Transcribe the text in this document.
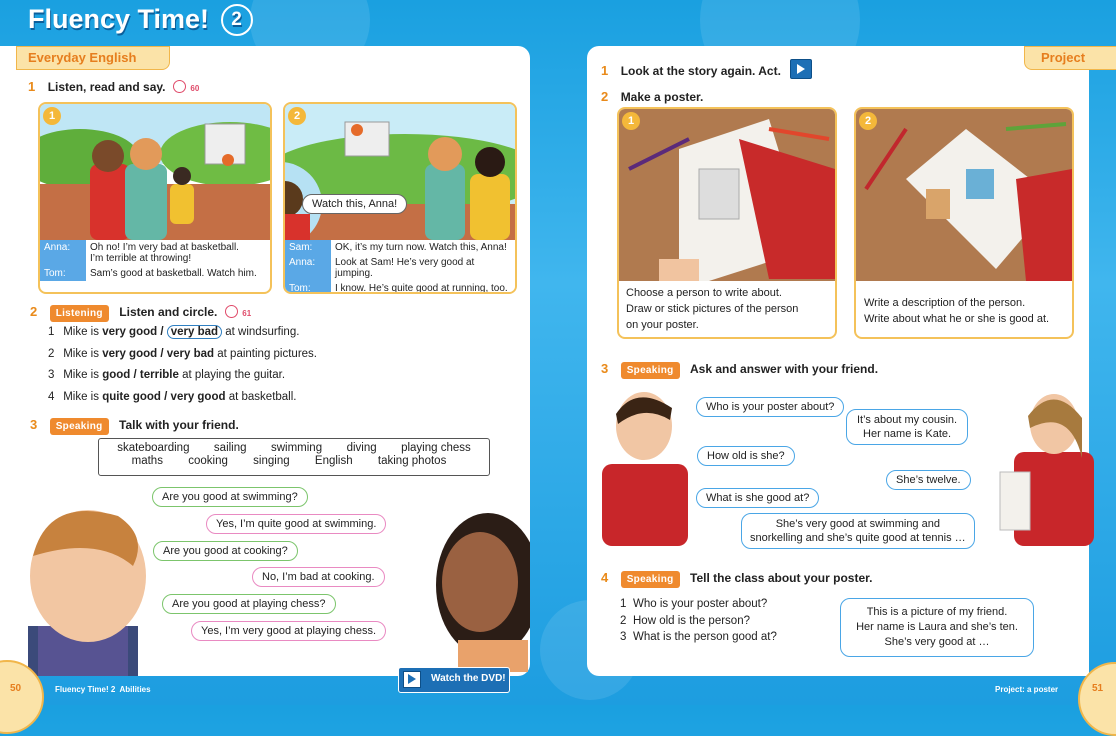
Fluency Time! 2
Everyday English
1 Listen, read and say.	60
1
Anna:	Oh no! I’m very bad at basketball.
I’m terrible at throwing!
Tom:	Sam’s good at basketball. Watch him.
2
Sam:	OK, it’s my turn now. Watch this, Anna!
Anna:	Look at Sam! He’s very good at jumping.
Tom:	I know. He’s quite good at running, too.
Watch this, Anna!
2 Listening Listen and circle.	61
1 Mike is very good / very bad at windsurfing.
2 Mike is very good / very bad at painting pictures.
3 Mike is good / terrible at playing the guitar.
4 Mike is quite good / very good at basketball.
3 Speaking Talk with your friend.
skateboarding sailing swimming diving playing chess
maths cooking singing English taking photos
Are you good at swimming?
Yes, I’m quite good at swimming.
Are you good at cooking?
No, I’m bad at cooking.
Are you good at playing chess?
Yes, I’m very good at playing chess.
50	Fluency Time! 2  Abilities
Watch the DVD!
Project
1 Look at the story again. Act.
2 Make a poster.
1
Choose a person to write about.
Draw or stick pictures of the person
on your poster.
2
Write a description of the person.
Write about what he or she is good at.
3 Speaking Ask and answer with your friend.
Who is your poster about?
It’s about my cousin.
Her name is Kate.
How old is she?
She’s twelve.
What is she good at?
She’s very good at swimming and
snorkelling and she’s quite good at tennis …
4 Speaking Tell the class about your poster.
1 Who is your poster about?
2 How old is the person?
3 What is the person good at?
This is a picture of my friend.
Her name is Laura and she’s ten.
She’s very good at …
51
Project: a poster
